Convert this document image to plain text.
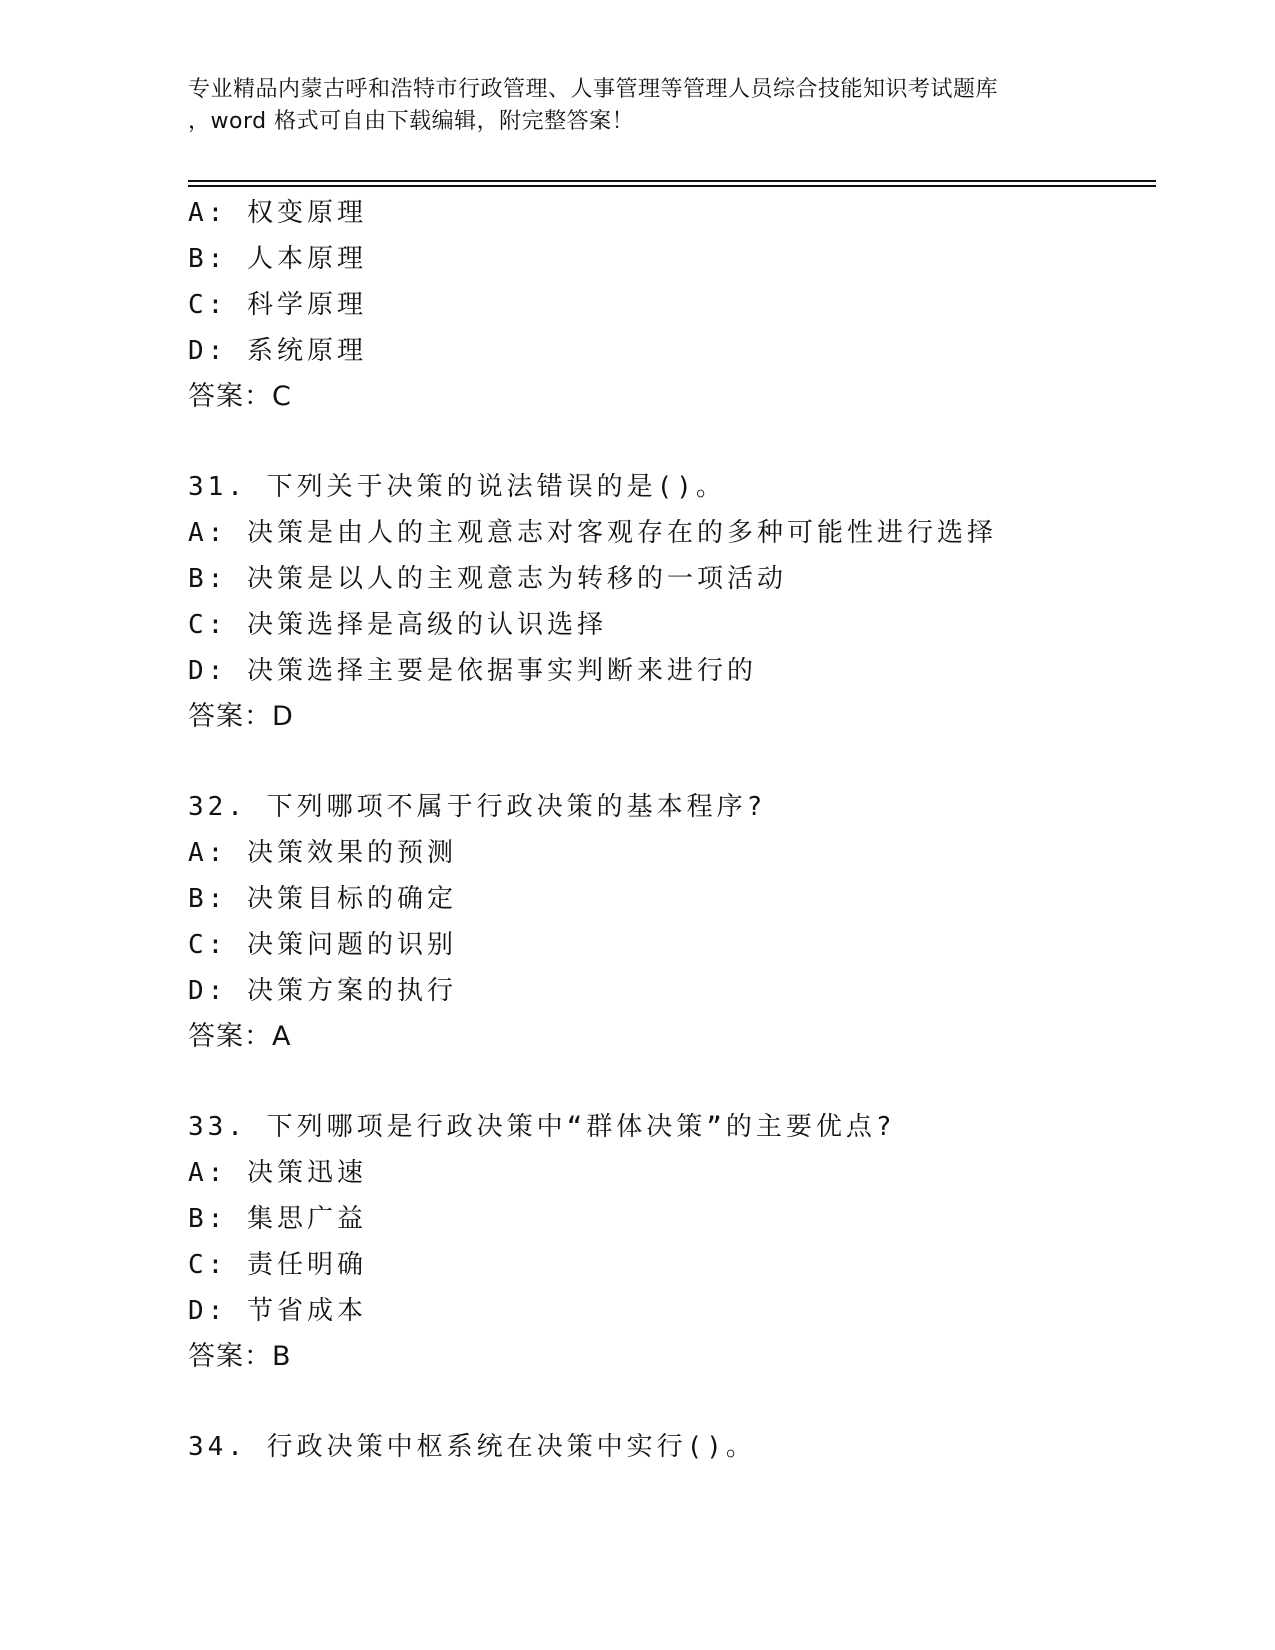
专业精品内蒙古呼和浩特市行政管理、人事管理等管理人员综合技能知识考试题库
，word 格式可自由下载编辑，附完整答案！
A: 权变原理
B: 人本原理
C: 科学原理
D: 系统原理
答案：C
31. 下列关于决策的说法错误的是()。
A: 决策是由人的主观意志对客观存在的多种可能性进行选择
B: 决策是以人的主观意志为转移的一项活动
C: 决策选择是高级的认识选择
D: 决策选择主要是依据事实判断来进行的
答案：D
32. 下列哪项不属于行政决策的基本程序?
A: 决策效果的预测
B: 决策目标的确定
C: 决策问题的识别
D: 决策方案的执行
答案：A
33. 下列哪项是行政决策中“群体决策”的主要优点?
A: 决策迅速
B: 集思广益
C: 责任明确
D: 节省成本
答案：B
34. 行政决策中枢系统在决策中实行()。
